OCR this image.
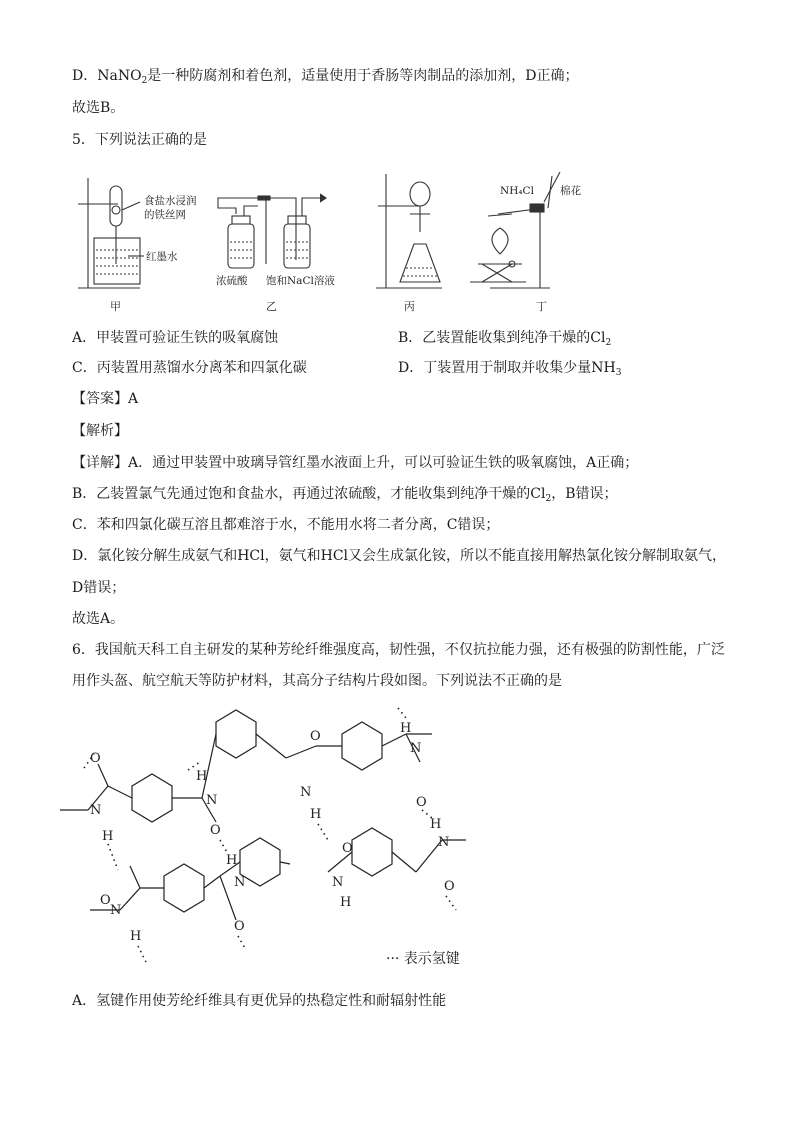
D．NaNO$_2$是一种防腐剂和着色剂，适量使用于香肠等肉制品的添加剂，D正确；
故选B。
5．下列说法正确的是
食盐水浸润
的铁丝网
红墨水
甲
浓硫酸 饱和NaCl溶液
乙	丙
NH₄Cl 棉花
丁
A．甲装置可验证生铁的吸氧腐蚀	B．乙装置能收集到纯净干燥的$Cl_2$
C．丙装置用蒸馏水分离苯和四氯化碳	D．丁装置用于制取并收集少量$NH_3$
【答案】A
【解析】
【详解】A．通过甲装置中玻璃导管红墨水液面上升，可以可验证生铁的吸氧腐蚀，A正确；
B．乙装置氯气先通过饱和食盐水，再通过浓硫酸，才能收集到纯净干燥的$Cl_2$，B错误；
C．苯和四氯化碳互溶且都难溶于水，不能用水将二者分离，C错误；
D．氯化铵分解生成氨气和HCl，氨气和HCl又会生成氯化铵，所以不能直接用解热氯化铵分解制取氨气，
D错误；
故选A。
6．我国航天科工自主研发的某种芳纶纤维强度高，韧性强，不仅抗拉能力强，还有极强的防割性能，广泛
用作头盔、航空航天等防护材料，其高分子结构片段如图。下列说法不正确的是
O
N
H
H
N
O
N
H
O
H
N
O
H
N
O
H
N	N
H
O
O
N
H
O
··· 表示氢键
A．氢键作用使芳纶纤维具有更优异的热稳定性和耐辐射性能
